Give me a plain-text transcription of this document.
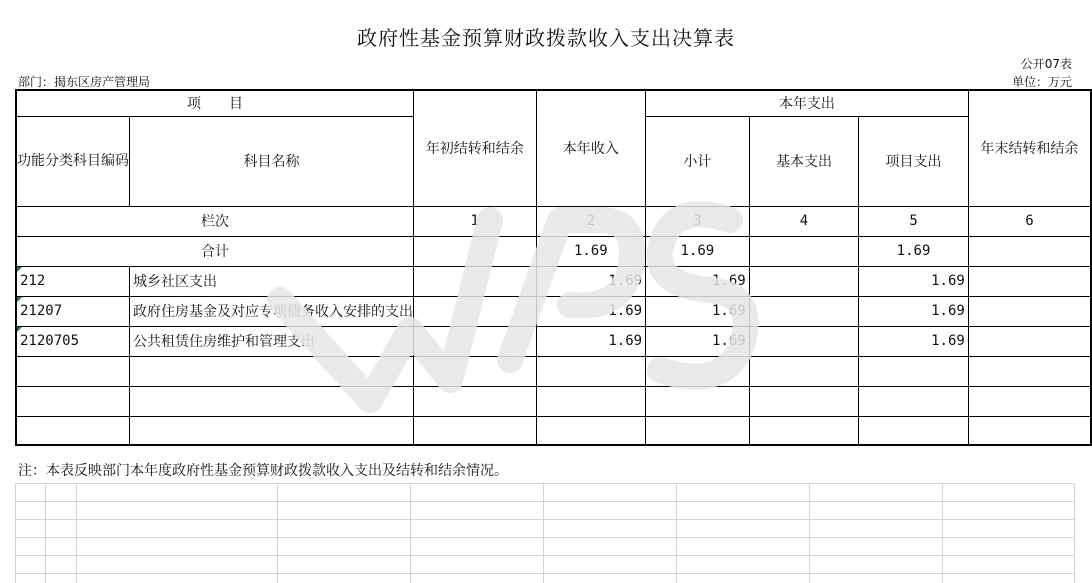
政府性基金预算财政拨款收入支出决算表
公开07表
部门：揭东区房产管理局	单位：万元
项　　目		年初结转和结余	本年收入	本年支出			年末结转和结余
功能分类科目编码	科目名称			小计	基本支出	项目支出	
栏次		1	2	3	4	5	6
合计			1.69	1.69		1.69	
212	城乡社区支出		1.69	1.69		1.69	
21207	政府住房基金及对应专项债务收入安排的支出		1.69	1.69		1.69	
2120705	公共租赁住房维护和管理支出		1.69	1.69		1.69	

注：本表反映部门本年度政府性基金预算财政拨款收入支出及结转和结余情况。
